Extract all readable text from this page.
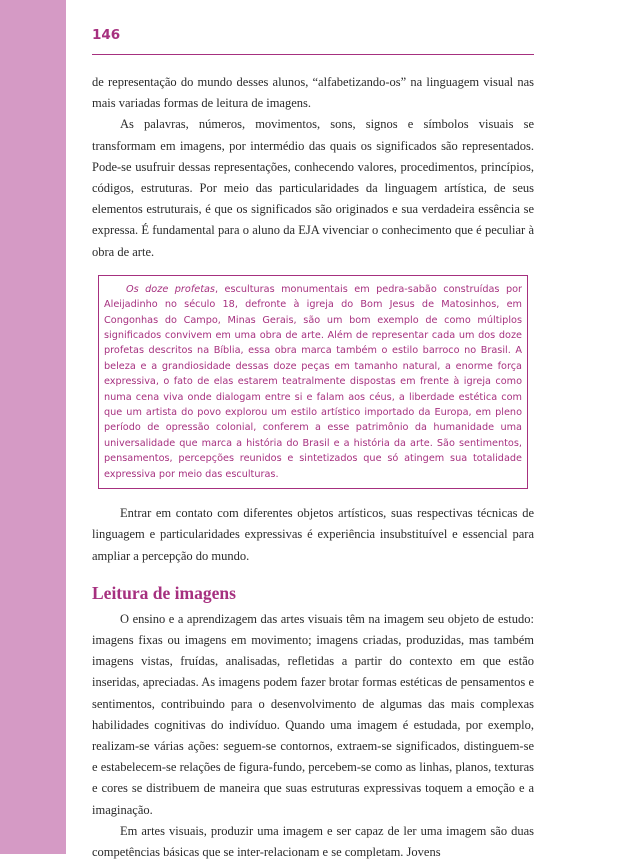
146

de representação do mundo desses alunos, “alfabetizando-os” na linguagem visual nas mais variadas formas de leitura de imagens.

As palavras, números, movimentos, sons, signos e símbolos visuais se transformam em imagens, por intermédio das quais os significados são representados. Pode-se usufruir dessas representações, conhecendo valores, procedimentos, princípios, códigos, estruturas. Por meio das particularidades da linguagem artística, de seus elementos estruturais, é que os significados são originados e sua verdadeira essência se expressa. É fundamental para o aluno da EJA vivenciar o conhecimento que é peculiar à obra de arte.

Os doze profetas, esculturas monumentais em pedra-sabão construídas por Aleijadinho no século 18, defronte à igreja do Bom Jesus de Matosinhos, em Congonhas do Campo, Minas Gerais, são um bom exemplo de como múltiplos significados convivem em uma obra de arte. Além de representar cada um dos doze profetas descritos na Bíblia, essa obra marca também o estilo barroco no Brasil. A beleza e a grandiosidade dessas doze peças em tamanho natural, a enorme força expressiva, o fato de elas estarem teatralmente dispostas em frente à igreja como numa cena viva onde dialogam entre si e falam aos céus, a liberdade estética com que um artista do povo explorou um estilo artístico importado da Europa, em pleno período de opressão colonial, conferem a esse patrimônio da humanidade uma universalidade que marca a história do Brasil e a história da arte. São sentimentos, pensamentos, percepções reunidos e sintetizados que só atingem sua totalidade expressiva por meio das esculturas.

Entrar em contato com diferentes objetos artísticos, suas respectivas técnicas de linguagem e particularidades expressivas é experiência insubstituível e essencial para ampliar a percepção do mundo.

Leitura de imagens

O ensino e a aprendizagem das artes visuais têm na imagem seu objeto de estudo: imagens fixas ou imagens em movimento; imagens criadas, produzidas, mas também imagens vistas, fruídas, analisadas, refletidas a partir do contexto em que estão inseridas, apreciadas. As imagens podem fazer brotar formas estéticas de pensamentos e sentimentos, contribuindo para o desenvolvimento de algumas das mais complexas habilidades cognitivas do indivíduo. Quando uma imagem é estudada, por exemplo, realizam-se várias ações: seguem-se contornos, extraem-se significados, distinguem-se e estabelecem-se relações de figura-fundo, percebem-se como as linhas, planos, texturas e cores se distribuem de maneira que suas estruturas expressivas toquem a emoção e a imaginação.

Em artes visuais, produzir uma imagem e ser capaz de ler uma imagem são duas competências básicas que se inter-relacionam e se completam. Jovens
